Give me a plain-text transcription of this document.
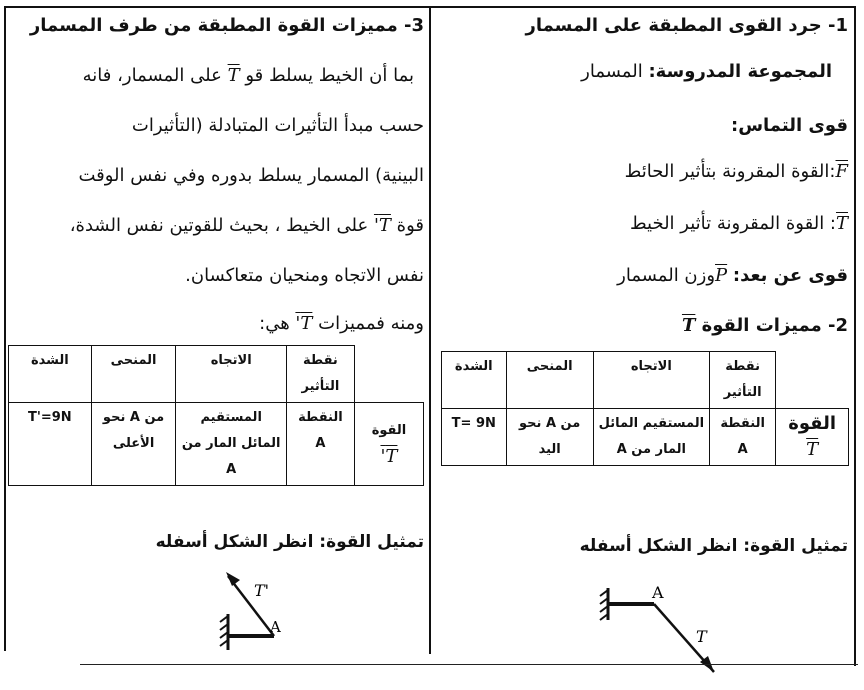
1- جرد القوى المطبقة على المسمار
المجموعة المدروسة: المسمار
قوى التماس:
F:القوة المقرونة بتأثير الحائط
T: القوة المقرونة تأثير الخيط
قوى عن بعد: Pوزن المسمار
2- مميزات القوة T
	نقطة التأثير	الاتجاه	المنحى	الشدة

القوة
T	النقطة A	المستقيم المائل المار من A	من A نحو اليد	T= 9N
تمثيل القوة: انظر الشكل أسفله
A
T
3- مميزات القوة المطبقة من طرف المسمار
بما أن الخيط يسلط قو T على المسمار، فانه
حسب مبدأ التأثيرات المتبادلة (التأثيرات
البينية) المسمار يسلط بدوره وفي نفس الوقت
قوة T' على الخيط ، بحيث للقوتين نفس الشدة،
نفس الاتجاه ومنحيان متعاكسان.
ومنه فمميزات T' هي:
	نقطة التأثير	الاتجاه	المنحى	الشدة

القوة
T'	النقطة A	المستقيم المائل المار من A	من A نحو الأعلى	T'=9N
تمثيل القوة: انظر الشكل أسفله
A
T'
